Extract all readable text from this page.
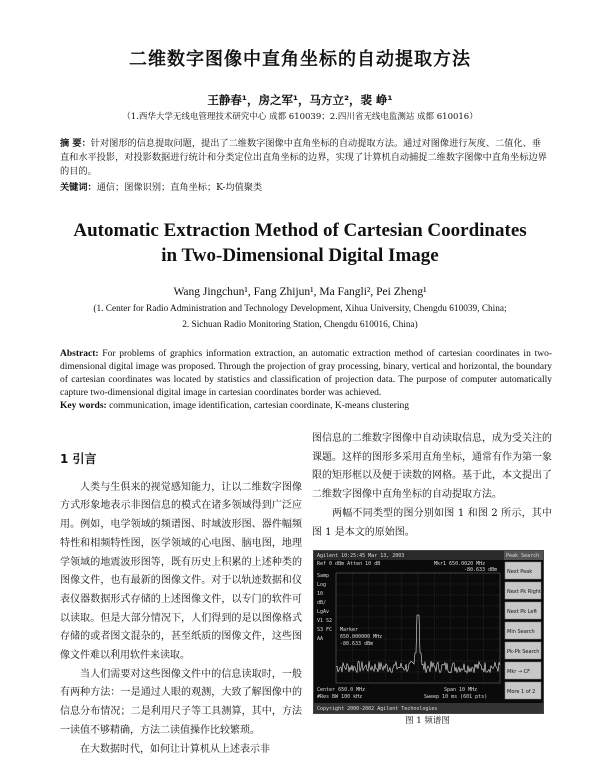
二维数字图像中直角坐标的自动提取方法
王静春¹，房之军¹，马方立²，裴 峥¹
（1.西华大学无线电管理技术研究中心 成都 610039；2.四川省无线电监测站 成都 610016）
摘 要：针对图形的信息提取问题，提出了二维数字图像中直角坐标的自动提取方法。通过对图像进行灰度、二值化、垂直和水平投影，对投影数据进行统计和分类定位出直角坐标的边界，实现了计算机自动捕捉二维数字图像中直角坐标边界的目的。
关键词：通信；图像识别；直角坐标；K-均值聚类
Automatic Extraction Method of Cartesian Coordinates
in Two-Dimensional Digital Image
Wang Jingchun¹, Fang Zhijun¹, Ma Fangli², Pei Zheng¹
(1. Center for Radio Administration and Technology Development, Xihua University, Chengdu 610039, China;
2. Sichuan Radio Monitoring Station, Chengdu 610016, China)
Abstract: For problems of graphics information extraction, an automatic extraction method of cartesian coordinates in two-dimensional digital image was proposed. Through the projection of gray processing, binary, vertical and horizontal, the boundary of cartesian coordinates was located by statistics and classification of projection data. The purpose of computer automatically capture two-dimensional digital image in cartesian coordinates border was achieved.
Key words: communication, image identification, cartesian coordinate, K-means clustering
1 引言

人类与生俱来的视觉感知能力，让以二维数字图像方式形象地表示非图信息的模式在诸多领域得到广泛应用。例如，电学领域的频谱图、时域波形图、器件幅频特性和相频特性图，医学领域的心电图、脑电图，地理学领域的地震波形图等，既有历史上积累的上述种类的图像文件，也有最新的图像文件。对于以轨迹数据和仪表仪器数据形式存储的上述图像文件，以专门的软件可以读取。但是大部分情况下，人们得到的是以图像格式存储的或者图文混杂的，甚至纸质的图像文件，这些图像文件难以利用软件来读取。

当人们需要对这些图像文件中的信息读取时，一般有两种方法：一是通过人眼的观测，大致了解图像中的信息分布情况；二是利用尺子等工具测算，其中，方法一读值不够精确，方法二读值操作比较繁琐。

在大数据时代，如何让计算机从上述表示非

图信息的二维数字图像中自动读取信息，成为受关注的课题。这样的图形多采用直角坐标，通常有作为第一象限的矩形框以及便于读数的网格。基于此，本文提出了二维数字图像中直角坐标的自动提取方法。

两幅不同类型的图分别如图 1 和图 2 所示，其中图 1 是本文的原始图。

Agilent 10:25:45 Mar 13, 2003	Peak Search
Ref 0 dBm Atten 10 dB	Mkr1 650.0020 MHz
-80.633 dBm
Samp
Log
10
dB/
LgAv
V1 S2
S3 FC
AA
Marker
650.000000 MHz
-80.633 dBm
Next Peak
Next Pk Right
Next Pk Left
Min Search
Pk-Pk Search
Mkr → CF
More 1 of 2
Center 650.0 MHz	Span 10 MHz
#Res BW 100 kHz	Sweep 10 ms (601 pts)
Copyright 2000-2002 Agilent Technologies
图 1 频谱图
